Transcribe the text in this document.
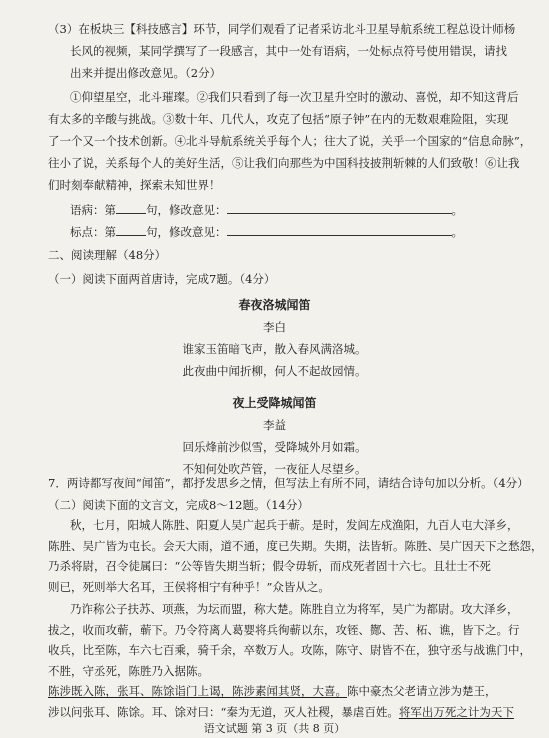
（3）在板块三【科技感言】环节，同学们观看了记者采访北斗卫星导航系统工程总设计师杨
长风的视频，某同学撰写了一段感言，其中一处有语病，一处标点符号使用错误，请找
出来并提出修改意见。（2分）
①仰望星空，北斗璀璨。②我们只看到了每一次卫星升空时的激动、喜悦，却不知这背后
有太多的辛酸与挑战。③数十年、几代人，攻克了包括“原子钟”在内的无数艰难险阻，实现
了一个又一个技术创新。④北斗导航系统关乎每个人；往大了说，关乎一个国家的“信息命脉”，
往小了说，关系每个人的美好生活，⑤让我们向那些为中国科技披荆斩棘的人们致敬！⑥让我
们时刻奉献精神，探索未知世界！
语病：第	句，修改意见：	。
标点：第	句，修改意见：	。
二、阅读理解（48分）
（一）阅读下面两首唐诗，完成7题。（4分）
春夜洛城闻笛
李白
谁家玉笛暗飞声，散入春风满洛城。
此夜曲中闻折柳，何人不起故园情。
夜上受降城闻笛
李益
回乐烽前沙似雪，受降城外月如霜。
不知何处吹芦管，一夜征人尽望乡。
7．两诗都写夜间“闻笛”，都抒发思乡之情，但写法上有所不同，请结合诗句加以分析。（4分）
（二）阅读下面的文言文，完成8～12题。（14分）
秋，七月，阳城人陈胜、阳夏人吴广起兵于蕲。是时，发闾左戍渔阳，九百人屯大泽乡，
陈胜、吴广皆为屯长。会天大雨，道不通，度已失期。失期，法皆斩。陈胜、吴广因天下之愁怨，
乃杀将尉，召令徒属曰：“公等皆失期当斩；假令毋斩，而戍死者固十六七。且壮士不死
则已，死则举大名耳，王侯将相宁有种乎！”众皆从之。
乃诈称公子扶苏、项燕，为坛而盟，称大楚。陈胜自立为将军，吴广为都尉。攻大泽乡，
拔之，收而攻蕲，蕲下。乃令符离人葛婴将兵徇蕲以东，攻铚、酂、苦、柘、谯，皆下之。行
收兵，比至陈，车六七百乘，骑千余，卒数万人。攻陈，陈守、尉皆不在，独守丞与战谯门中，
不胜，守丞死，陈胜乃入据陈。
陈涉既入陈，张耳、陈馀诣门上谒，陈涉素闻其贤，大喜。陈中豪杰父老请立涉为楚王，
语文试题 第 3 页（共 8 页）
涉以问张耳、陈馀。耳、馀对曰：“秦为无道，灭人社稷，暴虐百姓。将军出万死之计为天下
